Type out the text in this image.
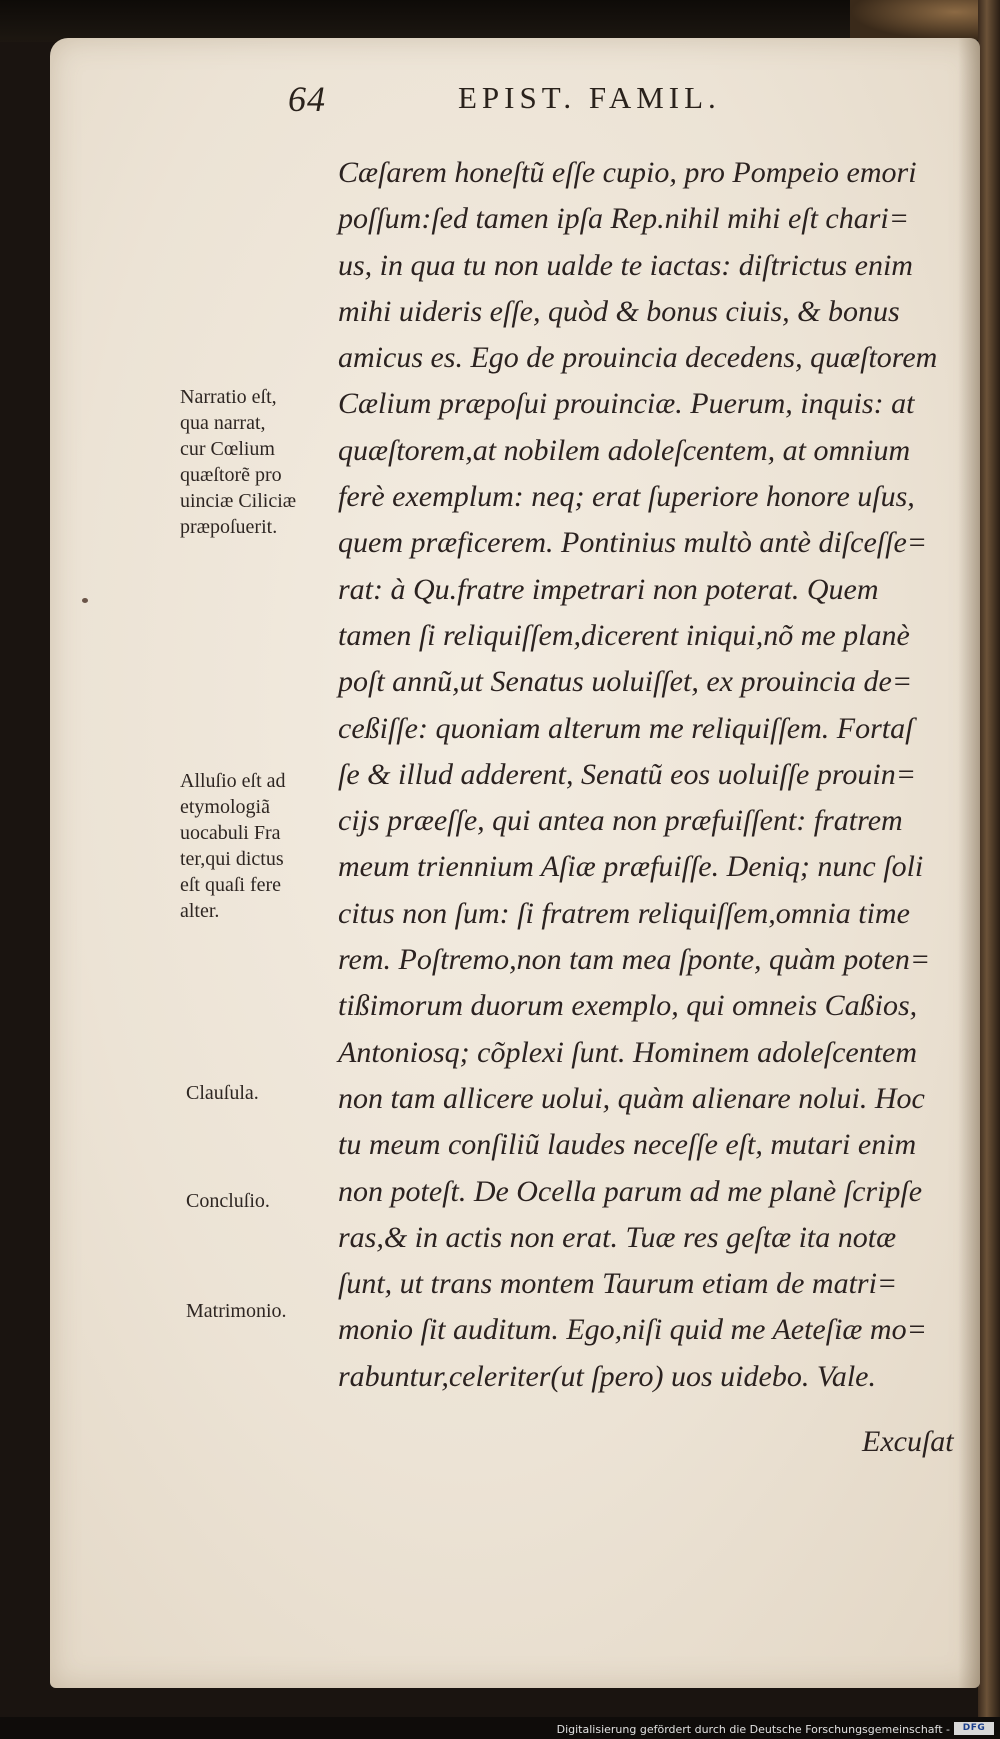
64	EPIST. FAMIL.
Cæſarem honeſtũ eſſe cupio, pro Pompeio emori
poſſum:ſed tamen ipſa Rep.nihil mihi eſt chari=
us, in qua tu non ualde te iactas: diſtrictus enim
mihi uideris eſſe, quòd & bonus ciuis, & bonus
amicus es. Ego de prouincia decedens, quæſtorem
Cælium præpoſui prouinciæ. Puerum, inquis: at
quæſtorem,at nobilem adoleſcentem, at omnium
ferè exemplum: neq; erat ſuperiore honore uſus,
quem præficerem. Pontinius multò antè diſceſſe=
rat: à Qu.fratre impetrari non poterat. Quem
tamen ſi reliquiſſem,dicerent iniqui,nõ me planè
poſt annũ,ut Senatus uoluiſſet, ex prouincia de=
ceßiſſe: quoniam alterum me reliquiſſem. Fortaſ
ſe & illud adderent, Senatũ eos uoluiſſe prouin=
cijs præeſſe, qui antea non præfuiſſent: fratrem
meum triennium Aſiæ præfuiſſe. Deniq; nunc ſoli
citus non ſum: ſi fratrem reliquiſſem,omnia time
rem. Poſtremo,non tam mea ſponte, quàm poten=
tißimorum duorum exemplo, qui omneis Caßios,
Antoniosq; cõplexi ſunt. Hominem adoleſcentem
non tam allicere uolui, quàm alienare nolui. Hoc
tu meum conſiliũ laudes neceſſe eſt, mutari enim
non poteſt. De Ocella parum ad me planè ſcripſe
ras,& in actis non erat. Tuæ res geſtæ ita notæ
ſunt, ut trans montem Taurum etiam de matri=
monio ſit auditum. Ego,niſi quid me Aeteſiæ mo=
rabuntur,celeriter(ut ſpero) uos uidebo. Vale.
Excuſat
Narratio eſt,
qua narrat,
cur Cœlium
quæſtorẽ pro
uinciæ Ciliciæ
præpoſuerit.
Alluſio eſt ad
etymologiã
uocabuli Fra
ter,qui dictus
eſt quaſi fere
alter.
Clauſula.
Concluſio.
Matrimonio.
Digitalisierung gefördert durch die Deutsche Forschungsgemeinschaft -	DFG
